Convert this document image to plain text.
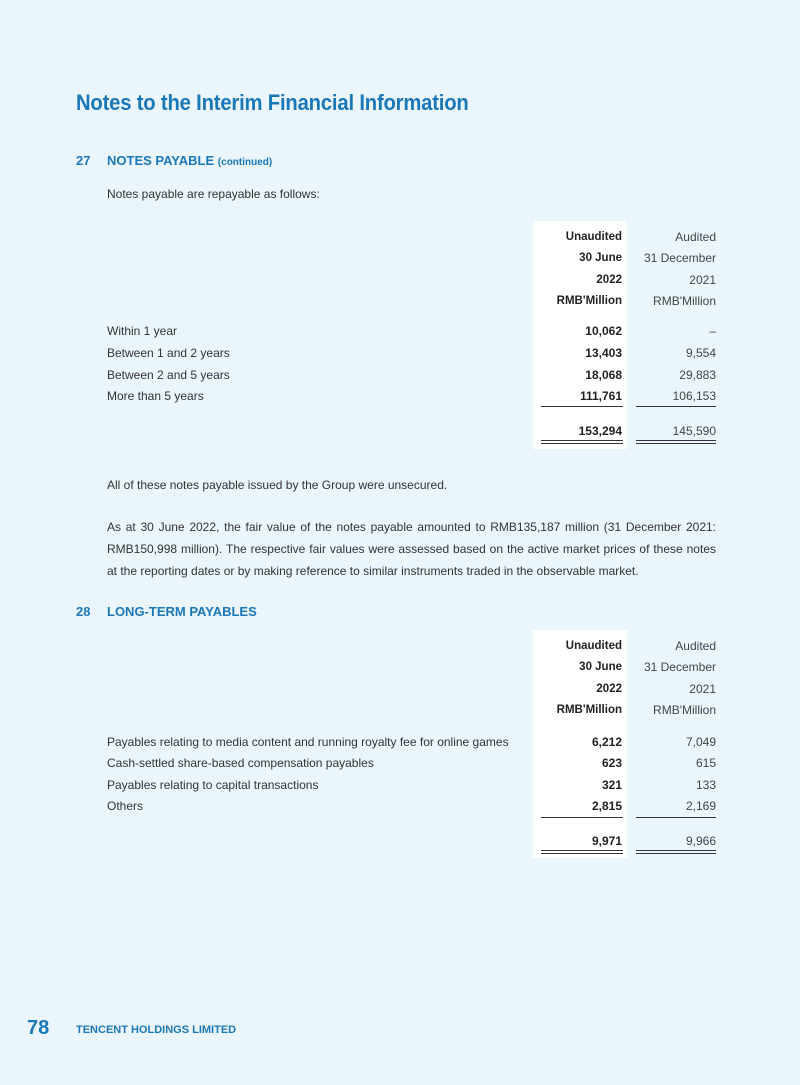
Notes to the Interim Financial Information
27 NOTES PAYABLE (continued)
Notes payable are repayable as follows:
Unaudited	Audited
30 June	31 December
2022	2021
RMB'Million	RMB'Million
Within 1 year	10,062	–
Between 1 and 2 years	13,403	9,554
Between 2 and 5 years	18,068	29,883
More than 5 years	111,761	106,153
153,294	145,590
All of these notes payable issued by the Group were unsecured.
As at 30 June 2022, the fair value of the notes payable amounted to RMB135,187 million (31 December 2021: RMB150,998 million). The respective fair values were assessed based on the active market prices of these notes at the reporting dates or by making reference to similar instruments traded in the observable market.
28 LONG-TERM PAYABLES
Unaudited	Audited
30 June	31 December
2022	2021
RMB'Million	RMB'Million
Payables relating to media content and running royalty fee for online games	6,212	7,049
Cash-settled share-based compensation payables	623	615
Payables relating to capital transactions	321	133
Others	2,815	2,169
9,971	9,966
78 TENCENT HOLDINGS LIMITED
